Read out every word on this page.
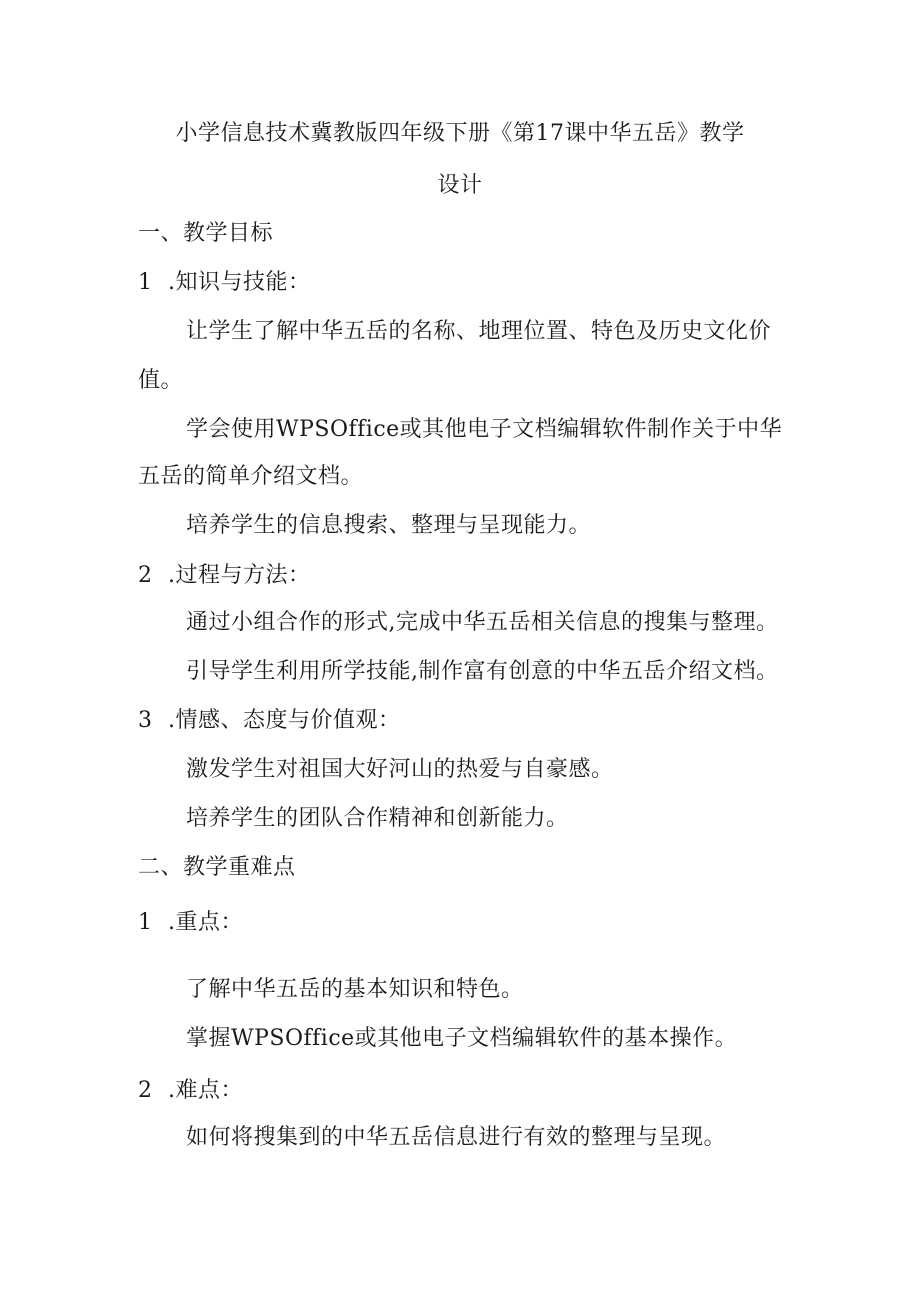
小学信息技术冀教版四年级下册《第17课中华五岳》教学
设计
一、教学目标
1 .知识与技能：
让学生了解中华五岳的名称、地理位置、特色及历史文化价
值。
学会使用WPSOffice或其他电子文档编辑软件制作关于中华
五岳的简单介绍文档。
培养学生的信息搜索、整理与呈现能力。
2 .过程与方法：
通过小组合作的形式,完成中华五岳相关信息的搜集与整理。
引导学生利用所学技能,制作富有创意的中华五岳介绍文档。
3 .情感、态度与价值观：
激发学生对祖国大好河山的热爱与自豪感。
培养学生的团队合作精神和创新能力。
二、教学重难点
1 .重点：
了解中华五岳的基本知识和特色。
掌握WPSOffice或其他电子文档编辑软件的基本操作。
2 .难点：
如何将搜集到的中华五岳信息进行有效的整理与呈现。
